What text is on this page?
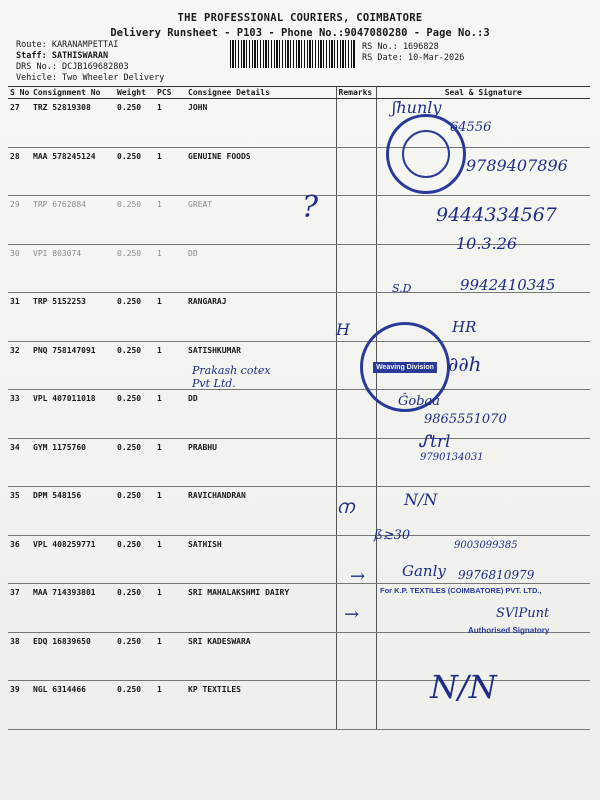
THE PROFESSIONAL COURIERS, COIMBATORE
Delivery Runsheet - P103 - Phone No.:9047080280 - Page No.:3
Route: KARANAMPETTAI
Staff: SATHISWARAN
DRS No.: DCJB169682803
Vehicle: Two Wheeler Delivery
RS No.: 1696828
RS Date: 10-Mar-2026
S No	Consignment No	Weight	PCS	Consignee Details	Remarks	Seal & Signature
27	TRZ 52819308	0.250	1	JOHN		
28	MAA 578245124	0.250	1	GENUINE FOODS		
29	TRP 6762884	0.250	1	GREAT		
30	VPI 803074	0.250	1	DD		
31	TRP 5152253	0.250	1	RANGARAJ		
32	PNQ 758147091	0.250	1	SATISHKUMAR		
33	VPL 407011018	0.250	1	DD		
34	GYM 1175760	0.250	1	PRABHU		
35	DPM 548156	0.250	1	RAVICHANDRAN		
36	VPL 408259771	0.250	1	SATHISH		
37	MAA 714393801	0.250	1	SRI MAHALAKSHMI DAIRY		
38	EDQ 16839650	0.250	1	SRI KADESWARA		
39	NGL 6314466	0.250	1	KP TEXTILES		
ʃhunly
64556
9789407896
?	9444334567
10.3.26
S.D	9942410345
Weaving Division
H	HR
Prakash cotex Pvt Ltd.
∂∂h
Ĝobaa
9865551070
ᔑtrl
9790134031
ന	N/N
ß≳30
9003099385
→ Ganly 9976810979
For K.P. TEXTILES (COIMBATORE) PVT. LTD.,
→	SVlPunt
Authorised Signatory
N/N
